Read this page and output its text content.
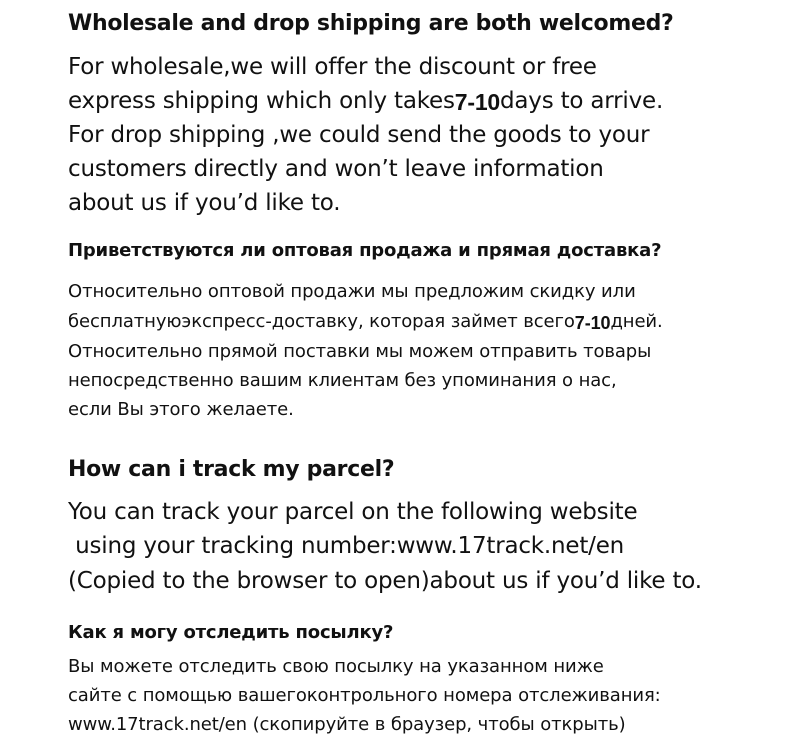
Wholesale and drop shipping are both welcomed?
For wholesale,we will offer the discount or free
express shipping which only takes7-10days to arrive.
For drop shipping ,we could send the goods to your
customers directly and won’t leave information
about us if you’d like to.
Приветствуются ли оптовая продажа и прямая доставка?
Относительно оптовой продажи мы предложим скидку или
бесплатнуюэкспресс-доставку, которая займет всего7-10дней.
Относительно прямой поставки мы можем отправить товары
непосредственно вашим клиентам без упоминания о нас,
если Вы этого желаете.
How can i track my parcel?
You can track your parcel on the following website
using your tracking number:www.17track.net/en
(Copied to the browser to open)about us if you’d like to.
Как я могу отследить посылку?
Вы можете отследить свою посылку на указанном ниже
сайте с помощью вашегоконтрольного номера отслеживания:
www.17track.net/en (скопируйте в браузер, чтобы открыть)
